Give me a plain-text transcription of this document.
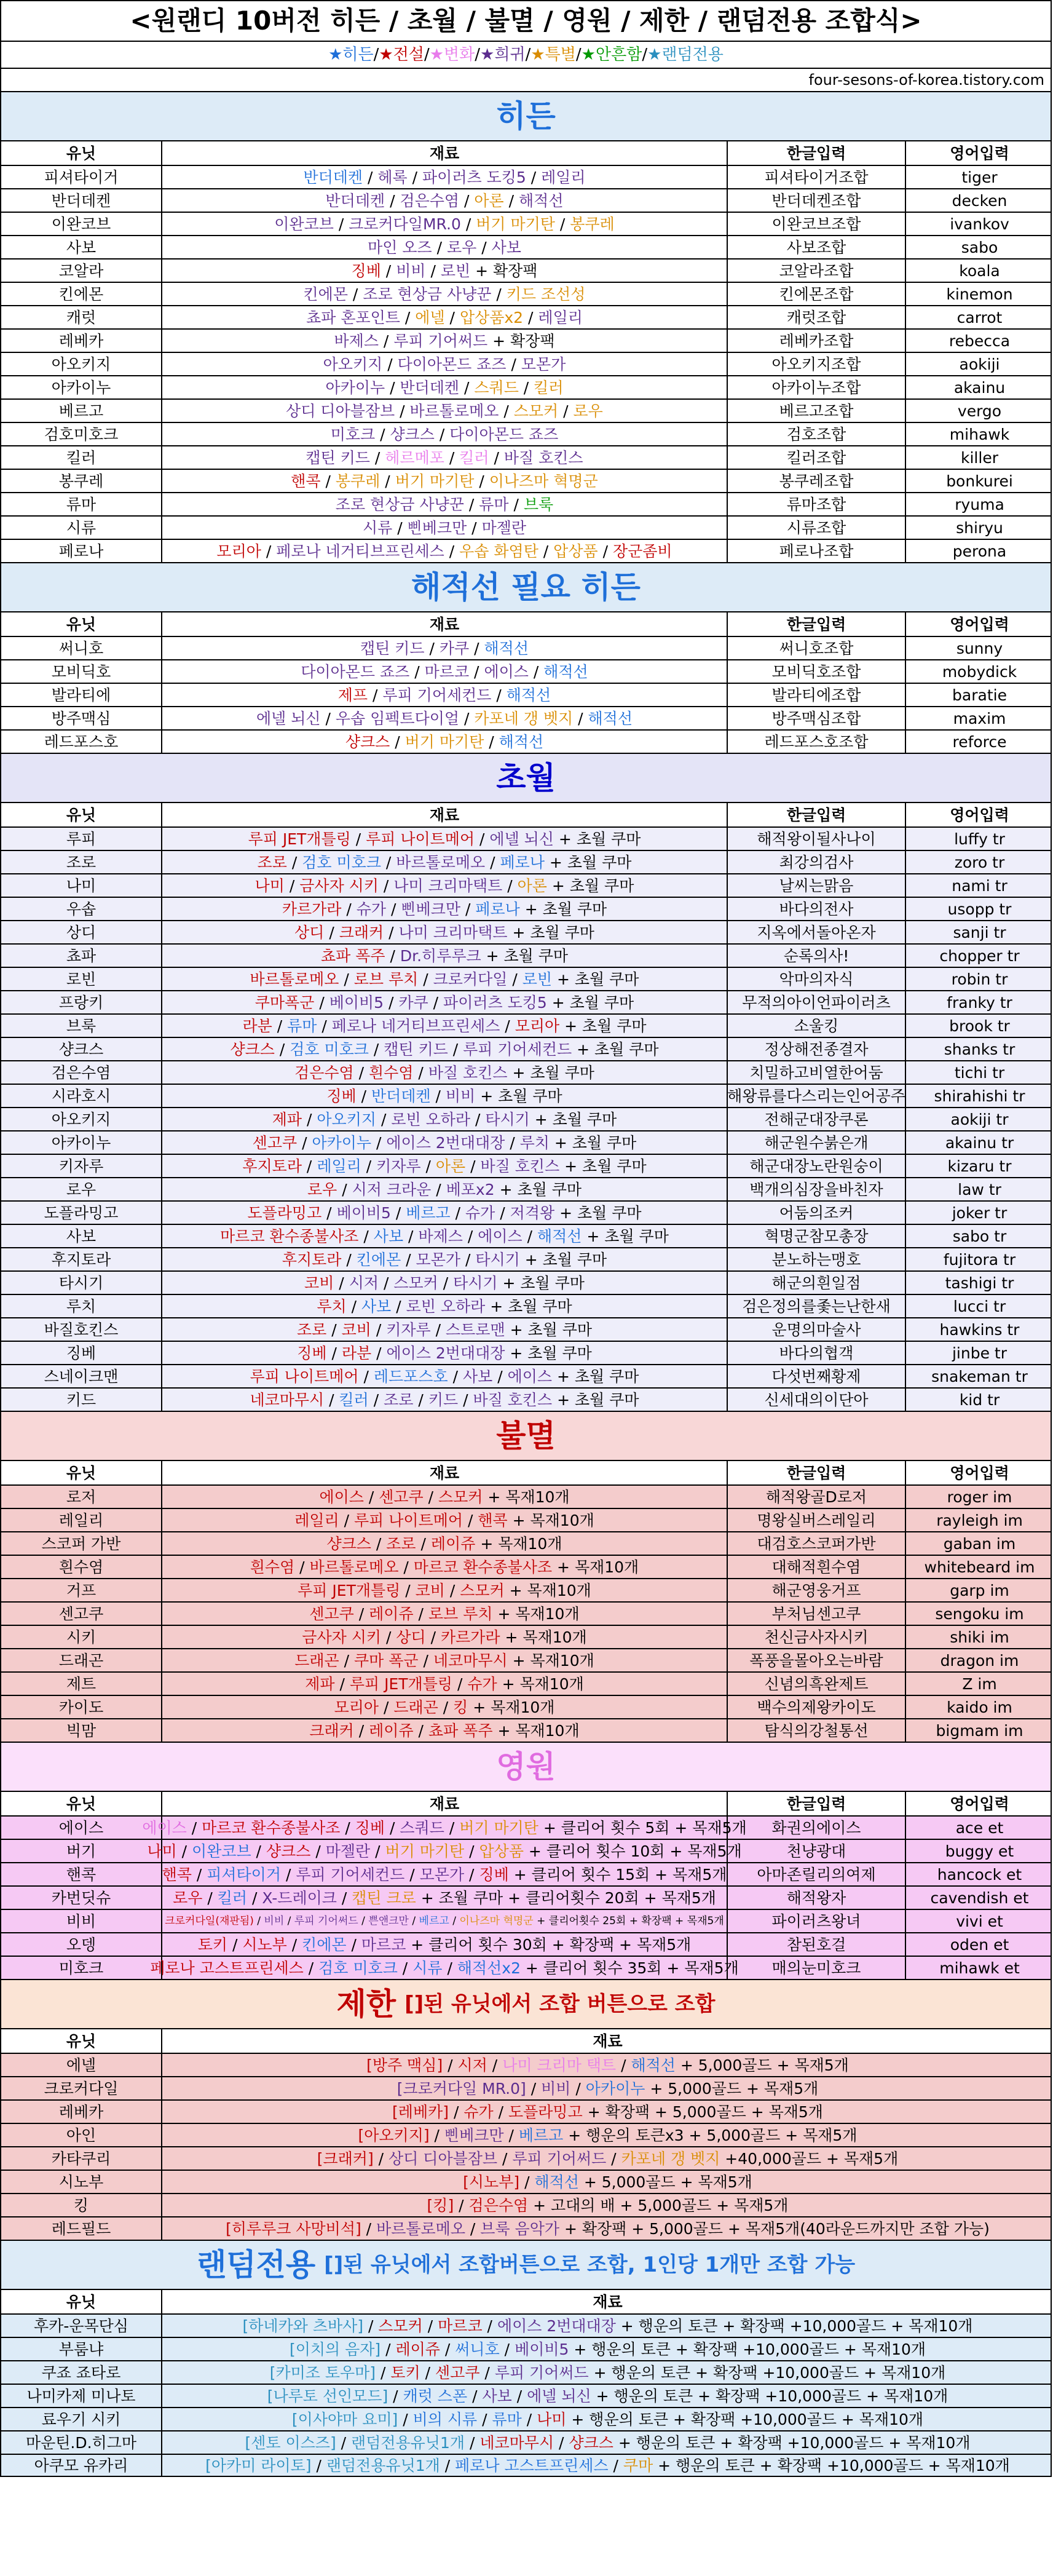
<원랜디 10버전 히든 / 초월 / 불멸 / 영원 / 제한 / 랜덤전용 조합식>
★히든 / ★전설 / ★변화 / ★희귀 / ★특별 / ★안흔함 / ★랜덤전용
four-sesons-of-korea.tistory.com
히든
유닛	재료	한글입력	영어입력
피셔타이거	반더데켄 / 헤록 / 파이러츠 도킹5 / 레일리	피셔타이거조합	tiger
반더데켄	반더데켄 / 검은수염 / 아론 / 해적선	반더데켄조합	decken
이완코브	이완코브 / 크로커다일MR.0 / 버기 마기탄 / 봉쿠레	이완코브조합	ivankov
사보	마인 오즈 / 로우 / 사보	사보조합	sabo
코알라	징베 / 비비 / 로빈 + 확장팩	코알라조합	koala
킨에몬	킨에몬 / 조로 현상금 사냥꾼 / 키드 조선성	킨에몬조합	kinemon
캐럿	쵸파 혼포인트 / 에넬 / 압상품x2 / 레일리	캐럿조합	carrot
레베카	바제스 / 루피 기어써드 + 확장팩	레베카조합	rebecca
아오키지	아오키지 / 다이아몬드 죠즈 / 모몬가	아오키지조합	aokiji
아카이누	아카이누 / 반더데켄 / 스쿼드 / 킬러	아카이누조합	akainu
베르고	상디 디아블잠브 / 바르톨로메오 / 스모커 / 로우	베르고조합	vergo
검호미호크	미호크 / 샹크스 / 다이아몬드 죠즈	검호조합	mihawk
킬러	캡틴 키드 / 헤르메포 / 킬러 / 바질 호킨스	킬러조합	killer
봉쿠레	핸콕 / 봉쿠레 / 버기 마기탄 / 이나즈마 혁명군	봉쿠레조합	bonkurei
류마	조로 현상금 사냥꾼 / 류마 / 브룩	류마조합	ryuma
시류	시류 / 삔베크만 / 마젤란	시류조합	shiryu
페로나	모리아 / 페로나 네거티브프린세스 / 우솝 화염탄 / 압상품 / 장군좀비	페로나조합	perona
해적선 필요 히든
유닛	재료	한글입력	영어입력
써니호	캡틴 키드 / 카쿠 / 해적선	써니호조합	sunny
모비딕호	다이아몬드 죠즈 / 마르코 / 에이스 / 해적선	모비딕호조합	mobydick
발라티에	제프 / 루피 기어세컨드 / 해적선	발라티에조합	baratie
방주맥심	에넬 뇌신 / 우솝 임펙트다이얼 / 카포네 갱 벳지 / 해적선	방주맥심조합	maxim
레드포스호	샹크스 / 버기 마기탄 / 해적선	레드포스호조합	reforce
초월
유닛	재료	한글입력	영어입력
루피	루피 JET개틀링 / 루피 나이트메어 / 에넬 뇌신 + 초월 쿠마	해적왕이될사나이	luffy tr
조로	조로 / 검호 미호크 / 바르톨로메오 / 페로나 + 초월 쿠마	최강의검사	zoro tr
나미	나미 / 금사자 시키 / 나미 크리마택트 / 아론 + 초월 쿠마	날씨는맑음	nami tr
우솝	카르가라 / 슈가 / 삔베크만 / 페로나 + 초월 쿠마	바다의전사	usopp tr
상디	상디 / 크래커 / 나미 크리마택트 + 초월 쿠마	지옥에서돌아온자	sanji tr
쵸파	쵸파 폭주 / Dr.히루루크 + 초월 쿠마	순록의사!	chopper tr
로빈	바르톨로메오 / 로브 루치 / 크로커다일 / 로빈 + 초월 쿠마	악마의자식	robin tr
프랑키	쿠마폭군 / 베이비5 / 카쿠 / 파이러츠 도킹5 + 초월 쿠마	무적의아이언파이러츠	franky tr
브룩	라분 / 류마 / 페로나 네거티브프린세스 / 모리아 + 초월 쿠마	소울킹	brook tr
샹크스	샹크스 / 검호 미호크 / 캡틴 키드 / 루피 기어세컨드 + 초월 쿠마	정상해전종결자	shanks tr
검은수염	검은수염 / 흰수염 / 바질 호킨스 + 초월 쿠마	치밀하고비열한어둠	tichi tr
시라호시	징베 / 반더데켄 / 비비 + 초월 쿠마	해왕류를다스리는인어공주	shirahishi tr
아오키지	제파 / 아오키지 / 로빈 오하라 / 타시기 + 초월 쿠마	전해군대장쿠론	aokiji tr
아카이누	센고쿠 / 아카이누 / 에이스 2번대대장 / 루치 + 초월 쿠마	해군원수붉은개	akainu tr
키자루	후지토라 / 레일리 / 키자루 / 아론 / 바질 호킨스 + 초월 쿠마	해군대장노란원숭이	kizaru tr
로우	로우 / 시저 크라운 / 베포x2 + 초월 쿠마	백개의심장을바친자	law tr
도플라밍고	도플라밍고 / 베이비5 / 베르고 / 슈가 / 저격왕 + 초월 쿠마	어둠의조커	joker tr
사보	마르코 환수종불사조 / 사보 / 바제스 / 에이스 / 해적선 + 초월 쿠마	혁명군참모총장	sabo tr
후지토라	후지토라 / 킨에몬 / 모몬가 / 타시기 + 초월 쿠마	분노하는맹호	fujitora tr
타시기	코비 / 시저 / 스모커 / 타시기 + 초월 쿠마	해군의흰일점	tashigi tr
루치	루치 / 사보 / 로빈 오하라 + 초월 쿠마	검은정의를좇는난한새	lucci tr
바질호킨스	조로 / 코비 / 키자루 / 스트로맨 + 초월 쿠마	운명의마술사	hawkins tr
징베	징베 / 라분 / 에이스 2번대대장 + 초월 쿠마	바다의협객	jinbe tr
스네이크맨	루피 나이트메어 / 레드포스호 / 사보 / 에이스 + 초월 쿠마	다섯번째황제	snakeman tr
키드	네코마무시 / 킬러 / 조로 / 키드 / 바질 호킨스 + 초월 쿠마	신세대의이단아	kid tr
불멸
유닛	재료	한글입력	영어입력
로저	에이스 / 센고쿠 / 스모커 + 목재10개	해적왕골D로저	roger im
레일리	레일리 / 루피 나이트메어 / 핸콕 + 목재10개	명왕실버스레일리	rayleigh im
스코퍼 가반	샹크스 / 조로 / 레이쥬 + 목재10개	대검호스코퍼가반	gaban im
흰수염	흰수염 / 바르톨로메오 / 마르코 환수종불사조 + 목재10개	대해적흰수염	whitebeard im
거프	루피 JET개틀링 / 코비 / 스모커 + 목재10개	해군영웅거프	garp im
센고쿠	센고쿠 / 레이쥬 / 로브 루치 + 목재10개	부처님센고쿠	sengoku im
시키	금사자 시키 / 상디 / 카르가라 + 목재10개	천신금사자시키	shiki im
드래곤	드래곤 / 쿠마 폭군 / 네코마무시 + 목재10개	폭풍을몰아오는바람	dragon im
제트	제파 / 루피 JET개틀링 / 슈가 + 목재10개	신념의흑완제트	Z im
카이도	모리아 / 드래곤 / 킹 + 목재10개	백수의제왕카이도	kaido im
빅맘	크래커 / 레이쥬 / 쵸파 폭주 + 목재10개	탐식의강철통선	bigmam im
영원
유닛	재료	한글입력	영어입력
에이스	에이스 / 마르코 환수종불사조 / 징베 / 스쿼드 / 버기 마기탄 + 클리어 횟수 5회 + 목재5개	화권의에이스	ace et
버기	나미 / 이완코브 / 샹크스 / 마젤란 / 버기 마기탄 / 압상품 + 클리어 횟수 10회 + 목재5개	천냥광대	buggy et
핸콕	핸콕 / 피셔타이거 / 루피 기어세컨드 / 모몬가 / 징베 + 클리어 횟수 15회 + 목재5개	아마존릴리의여제	hancock et
카번딧슈	로우 / 킬러 / X-드레이크 / 캡틴 크로 + 조월 쿠마 + 클리어횟수 20회 + 목재5개	해적왕자	cavendish et
비비	크로커다일(재판됨) / 비비 / 루피 기어써드 / 쁜앤크만 / 베르고 / 이나즈마 혁명군 + 클리어횟수 25회 + 확장팩 + 목재5개	파이러츠왕녀	vivi et
오뎅	토키 / 시노부 / 킨에몬 / 마르코 + 클리어 횟수 30회 + 확장팩 + 목재5개	참된호걸	oden et
미호크	페로나 고스트프린세스 / 검호 미호크 / 시류 / 해적선x2 + 클리어 횟수 35회 + 목재5개	매의눈미호크	mihawk et
제한 []된 유닛에서 조합 버튼으로 조합
유닛	재료
에넬	[방주 맥심] / 시저 / 나미 크리마 택트 / 해적선 + 5,000골드 + 목재5개
크로커다일	[크로커다일 MR.0] / 비비 / 아카이누 + 5,000골드 + 목재5개
레베카	[레베카] / 슈가 / 도플라밍고 + 확장팩 + 5,000골드 + 목재5개
아인	[아오키지] / 삔베크만 / 베르고 + 행운의 토큰x3 + 5,000골드 + 목재5개
카타쿠리	[크래커] / 상디 디아블잠브 / 루피 기어써드 / 카포네 갱 벳지 +40,000골드 + 목재5개
시노부	[시노부] / 해적선 + 5,000골드 + 목재5개
킹	[킹] / 검은수염 + 고대의 배 + 5,000골드 + 목재5개
레드필드	[히루루크 사망비석] / 바르톨로메오 / 브룩 음악가 + 확장팩 + 5,000골드 + 목재5개(40라운드까지만 조합 가능)
랜덤전용 []된 유닛에서 조합버튼으로 조합, 1인당 1개만 조합 가능
유닛	재료
후카-운목단심	[하네카와 츠바사] / 스모커 / 마르코 / 에이스 2번대대장 + 행운의 토큰 + 확장팩 +10,000골드 + 목재10개
부룸냐	[이치의 음자] / 레이쥬 / 써니호 / 베이비5 + 행운의 토큰 + 확장팩 +10,000골드 + 목재10개
쿠죠 죠타로	[카미조 토우마] / 토키 / 센고쿠 / 루피 기어써드 + 행운의 토큰 + 확장팩 +10,000골드 + 목재10개
나미카제 미나토	[나루토 선인모드] / 캐럿 스폰 / 사보 / 에넬 뇌신 + 행운의 토큰 + 확장팩 +10,000골드 + 목재10개
료우기 시키	[이사야마 요미] / 비의 시류 / 류마 / 나미 + 행운의 토큰 + 확장팩 +10,000골드 + 목재10개
마운틴.D.히그마	[센토 이스즈] / 랜덤전용유닛1개 / 네코마무시 / 샹크스 + 행운의 토큰 + 확장팩 +10,000골드 + 목재10개
아쿠모 유카리	[아카미 라이토] / 랜덤전용유닛1개 / 페로나 고스트프린세스 / 쿠마 + 행운의 토큰 + 확장팩 +10,000골드 + 목재10개
